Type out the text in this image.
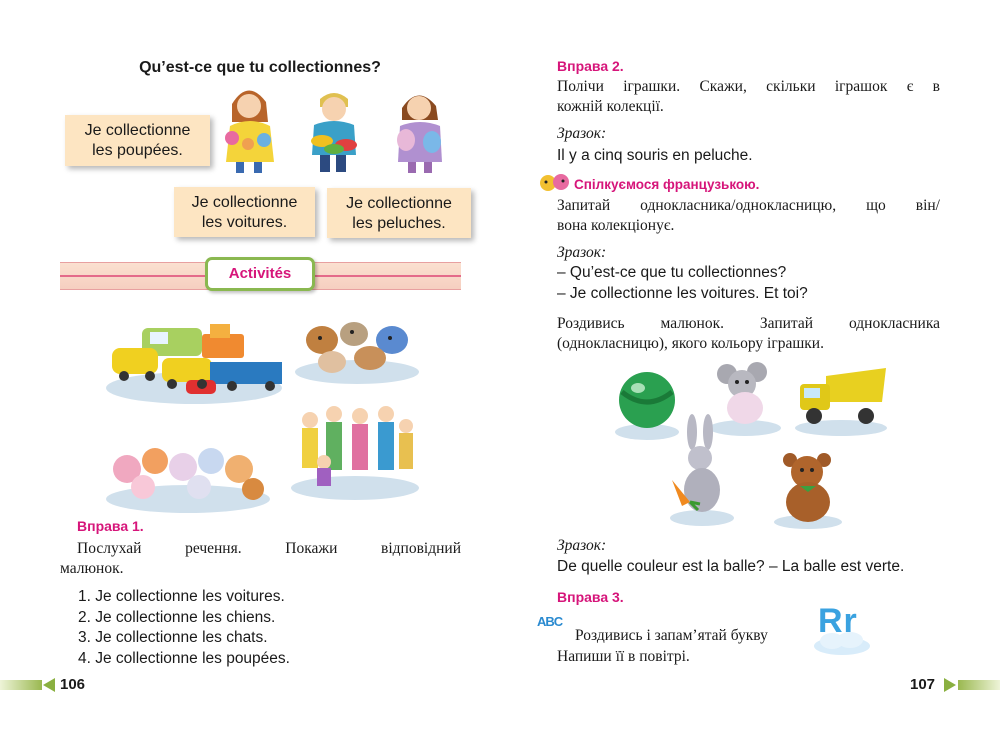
Qu’est-ce que tu collectionnes?
Je collectionne
les poupées.
Je collectionne
les voitures.
Je collectionne
les peluches.
Activités
Вправа 1.
Послухай речення. Покажи відповідний
малюнок.
1. Je collectionne les voitures.
2. Je collectionne les chiens.
3. Je collectionne les chats.
4. Je collectionne les poupées.
106
Вправа 2.
Полічи іграшки. Скажи, скільки іграшок є в
кожній колекції.
Зразок:
Il y a cinq souris en peluche.
Спілкуємося французькою.
Запитай однокласника/однокласницю, що він/
вона колекціонує.
Зразок:
– Qu’est-ce que tu collectionnes?
– Je collectionne les voitures. Et toi?
Роздивись малюнок. Запитай однокласника
(однокласницю), якого кольору іграшки.
Зразок:
De quelle couleur est la balle? – La balle est verte.
Вправа 3.
ABC
Роздивись і запам’ятай букву
Напиши її в повітрі.
Rr
107
